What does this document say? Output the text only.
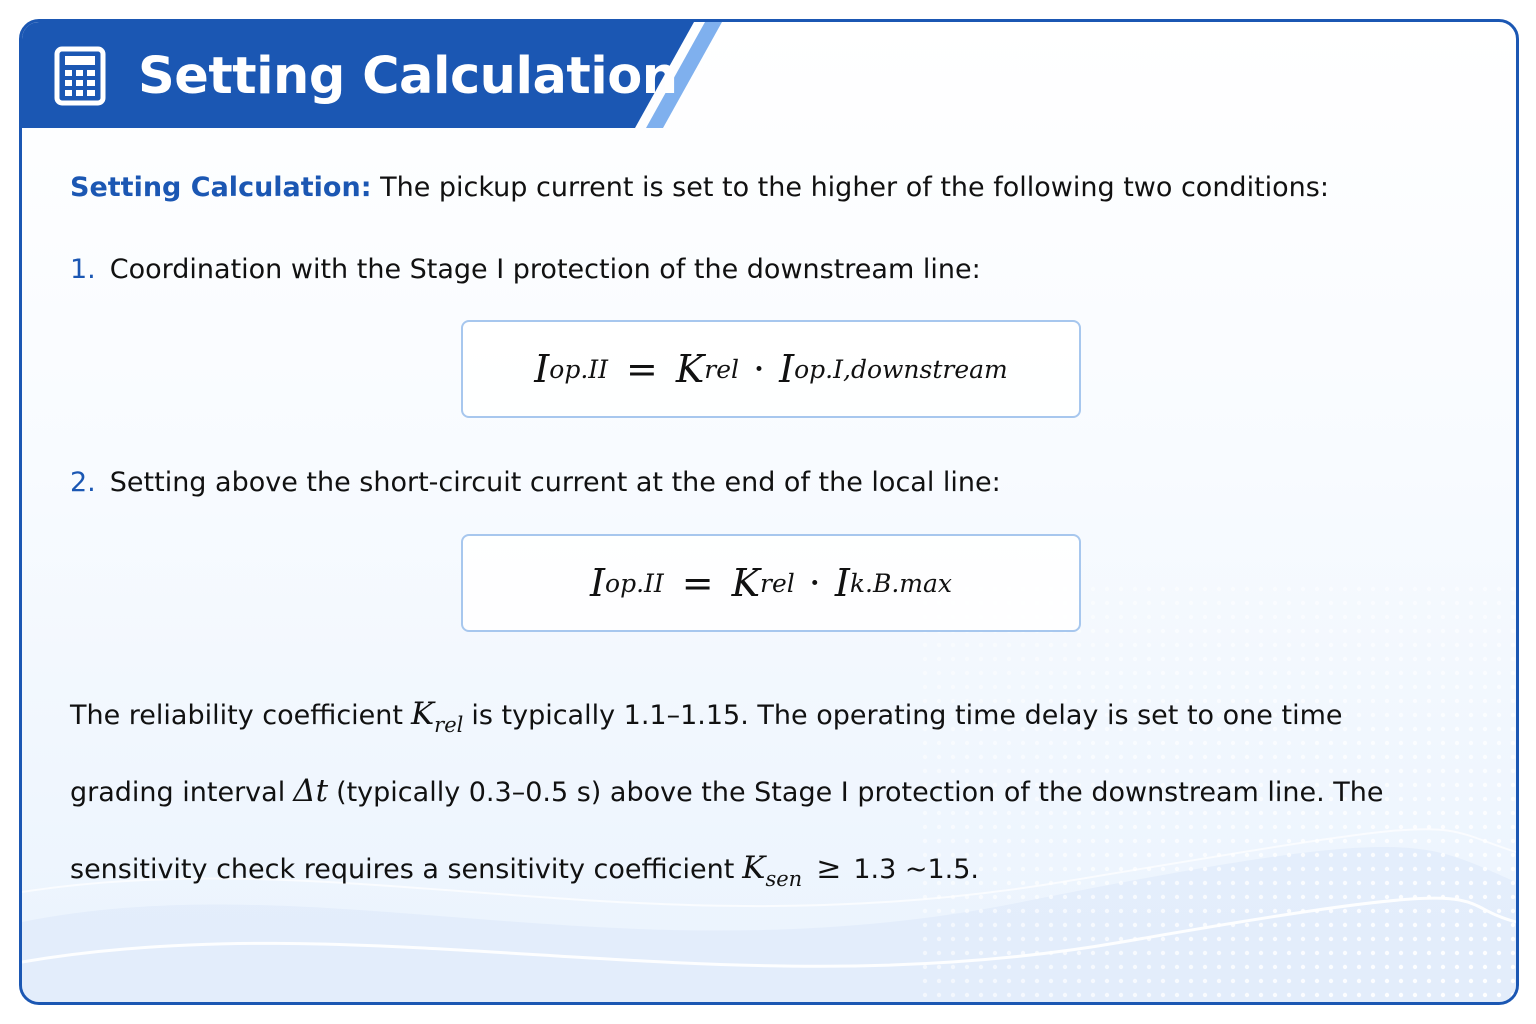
Setting Calculation

Setting Calculation: The pickup current is set to the higher of the following two conditions:

1. Coordination with the Stage I protection of the downstream line:

I op.II = K rel · I op.I,downstream

2. Setting above the short-circuit current at the end of the local line:

I op.II = K rel · I k.B.max

The reliability coefficient $K_{rel}$ is typically 1.1–1.15. The operating time delay is set to one time

grading interval Δt (typically 0.3–0.5 s) above the Stage I protection of the downstream line. The

sensitivity check requires a sensitivity coefficient $K_{sen} \ge 1.3$ ~1.5.
